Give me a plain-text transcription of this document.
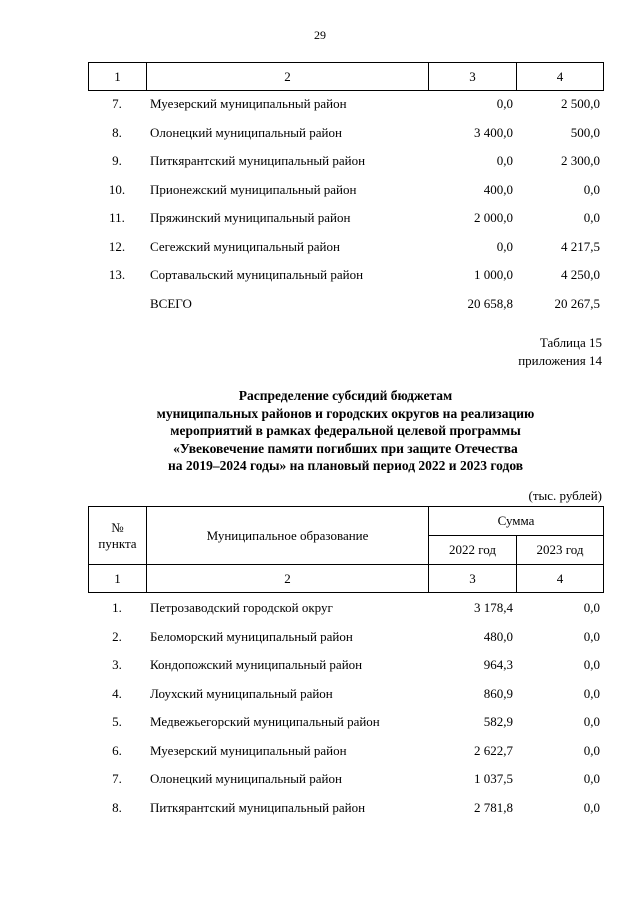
29
1	2	3	4
7.	Муезерский муниципальный район	0,0	2 500,0
8.	Олонецкий муниципальный район	3 400,0	500,0
9.	Питкярантский муниципальный район	0,0	2 300,0
10.	Прионежский муниципальный район	400,0	0,0
11.	Пряжинский муниципальный район	2 000,0	0,0
12.	Сегежский муниципальный район	0,0	4 217,5
13.	Сортавальский муниципальный район	1 000,0	4 250,0
	ВСЕГО	20 658,8	20 267,5
Таблица 15
приложения 14
Распределение субсидий бюджетам
муниципальных районов и городских округов на реализацию
мероприятий в рамках федеральной целевой программы
«Увековечение памяти погибших при защите Отечества
на 2019–2024 годы» на плановый период 2022 и 2023 годов
(тыс. рублей)
№
пункта	Муниципальное образование	Сумма	
		2022 год	2023 год
1	2	3	4
1.	Петрозаводский городской округ	3 178,4	0,0
2.	Беломорский муниципальный район	480,0	0,0
3.	Кондопожский муниципальный район	964,3	0,0
4.	Лоухский муниципальный район	860,9	0,0
5.	Медвежьегорский муниципальный район	582,9	0,0
6.	Муезерский муниципальный район	2 622,7	0,0
7.	Олонецкий муниципальный район	1 037,5	0,0
8.	Питкярантский муниципальный район	2 781,8	0,0
